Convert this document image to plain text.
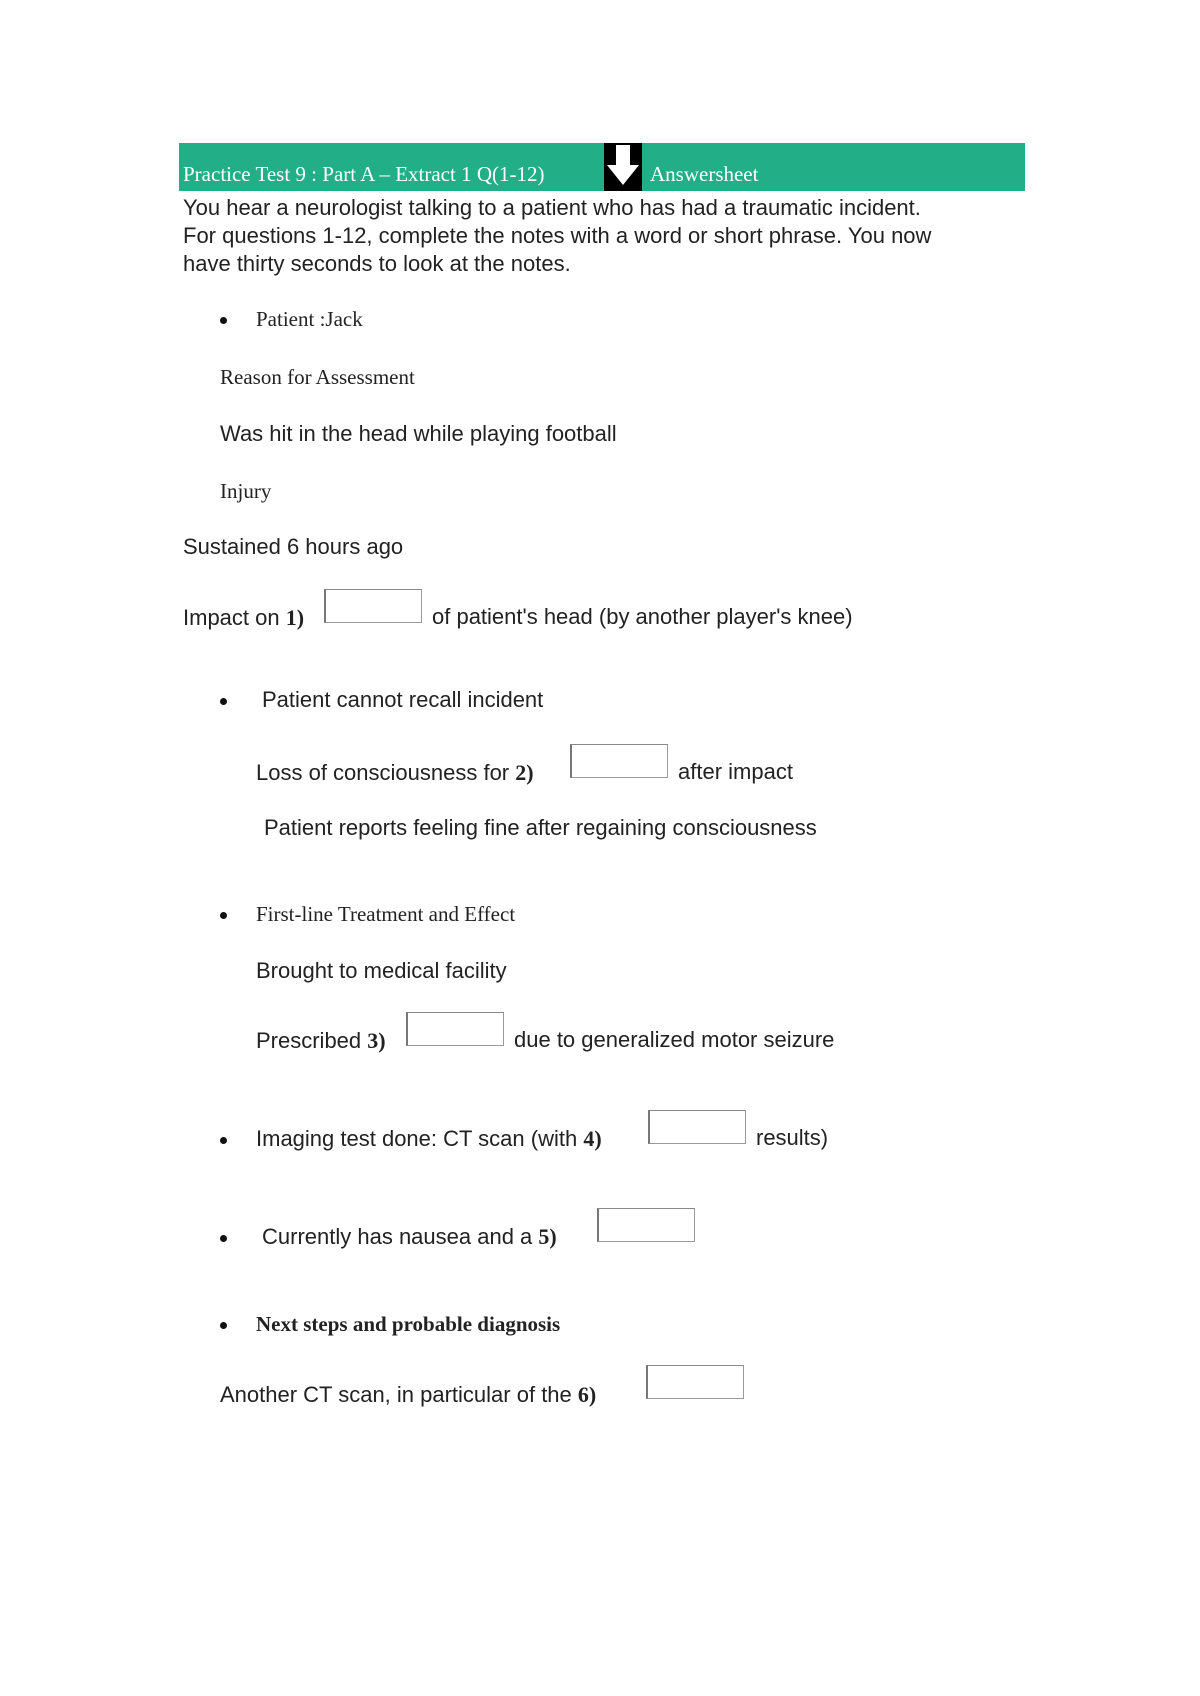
Practice Test 9 : Part A – Extract 1 Q(1-12)	Answersheet
You hear a neurologist talking to a patient who has had a traumatic incident.
For questions 1-12, complete the notes with a word or short phrase. You now
have thirty seconds to look at the notes.
Patient :Jack
Reason for Assessment
Was hit in the head while playing football
Injury
Sustained 6 hours ago
Impact on 1)	of patient's head (by another player's knee)
Patient cannot recall incident
Loss of consciousness for 2)	after impact
Patient reports feeling fine after regaining consciousness
First-line Treatment and Effect
Brought to medical facility
Prescribed 3)	due to generalized motor seizure
Imaging test done: CT scan (with 4)	results)
Currently has nausea and a 5)
Next steps and probable diagnosis
Another CT scan, in particular of the 6)
